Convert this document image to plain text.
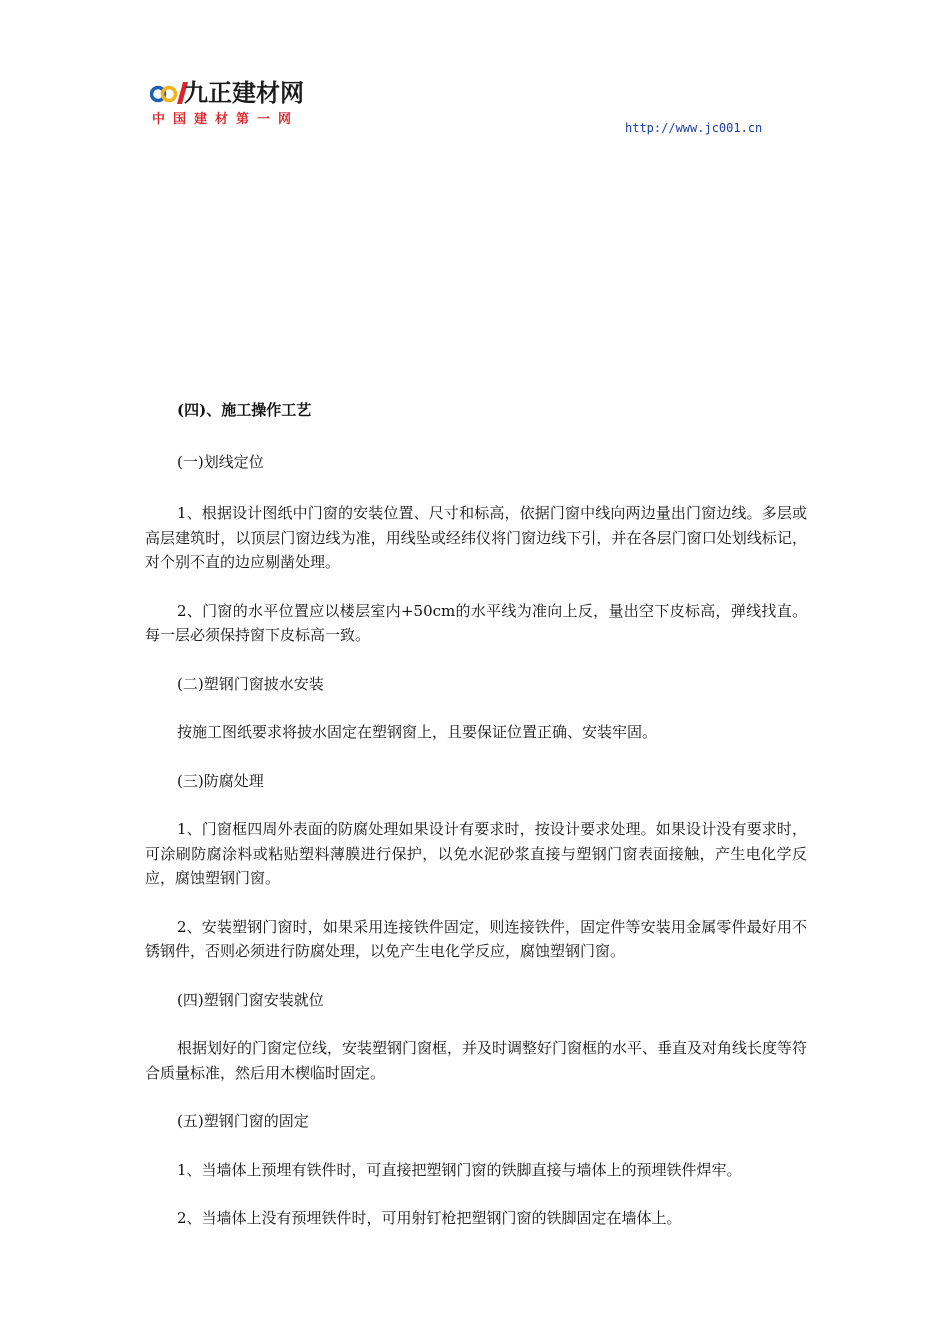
九正建材网
中国建材第一网
http://www.jc001.cn

(四)、施工操作工艺

(一)划线定位

1、根据设计图纸中门窗的安装位置、尺寸和标高，依据门窗中线向两边量出门窗边线。多层或高层建筑时，以顶层门窗边线为准，用线坠或经纬仪将门窗边线下引，并在各层门窗口处划线标记，对个别不直的边应剔凿处理。

2、门窗的水平位置应以楼层室内+50cm的水平线为准向上反，量出空下皮标高，弹线找直。每一层必须保持窗下皮标高一致。

(二)塑钢门窗披水安装

按施工图纸要求将披水固定在塑钢窗上，且要保证位置正确、安装牢固。

(三)防腐处理

1、门窗框四周外表面的防腐处理如果设计有要求时，按设计要求处理。如果设计没有要求时，可涂刷防腐涂料或粘贴塑料薄膜进行保护，以免水泥砂浆直接与塑钢门窗表面接触，产生电化学反应，腐蚀塑钢门窗。

2、安装塑钢门窗时，如果采用连接铁件固定，则连接铁件，固定件等安装用金属零件最好用不锈钢件，否则必须进行防腐处理，以免产生电化学反应，腐蚀塑钢门窗。

(四)塑钢门窗安装就位

根据划好的门窗定位线，安装塑钢门窗框，并及时调整好门窗框的水平、垂直及对角线长度等符合质量标准，然后用木楔临时固定。

(五)塑钢门窗的固定

1、当墙体上预埋有铁件时，可直接把塑钢门窗的铁脚直接与墙体上的预埋铁件焊牢。

2、当墙体上没有预埋铁件时，可用射钉枪把塑钢门窗的铁脚固定在墙体上。
